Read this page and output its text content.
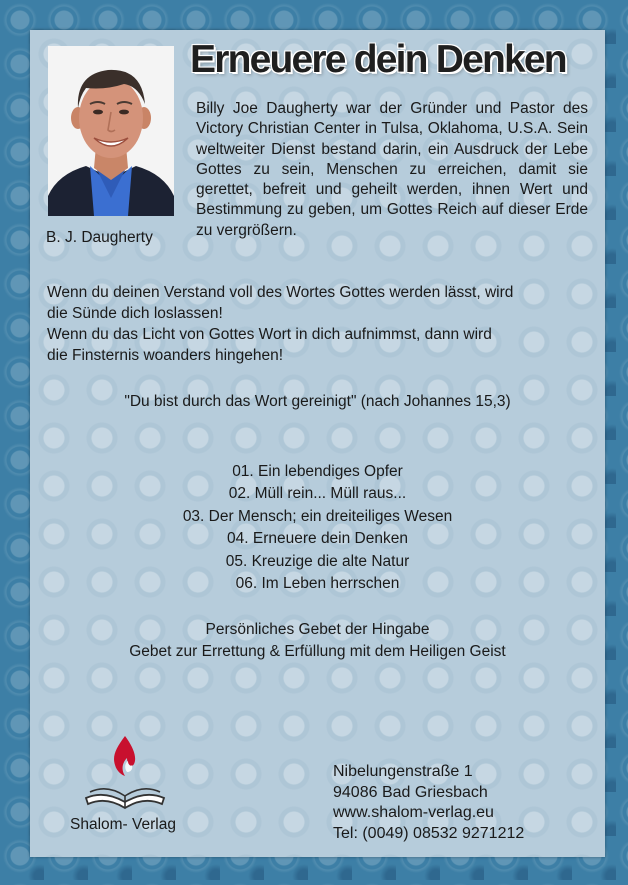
B. J. Daugherty
Erneuere dein Denken

Billy Joe Daugherty war der Gründer und Pastor des Victory Christian Center in Tulsa, Oklahoma, U.S.A. Sein weltweiter Dienst bestand darin, ein Ausdruck der Lebe Gottes zu sein, Menschen zu erreichen, damit sie gerettet, befreit und geheilt werden, ihnen Wert und Bestimmung zu geben, um Gottes Reich auf dieser Erde zu vergrößern.

Wenn du deinen Verstand voll des Wortes Gottes werden lässt, wird
die Sünde dich loslassen!

Wenn du das Licht von Gottes Wort in dich aufnimmst, dann wird
die Finsternis woanders hingehen!

"Du bist durch das Wort gereinigt" (nach Johannes 15,3)

01. Ein lebendiges Opfer
02. Müll rein... Müll raus...
03. Der Mensch; ein dreiteiliges Wesen
04. Erneuere dein Denken
05. Kreuzige die alte Natur
06. Im Leben herrschen
Persönliches Gebet der Hingabe
Gebet zur Errettung & Erfüllung mit dem Heiligen Geist
Shalom- Verlag
Nibelungenstraße 1
94086 Bad Griesbach
www.shalom-verlag.eu
Tel: (0049) 08532 9271212
